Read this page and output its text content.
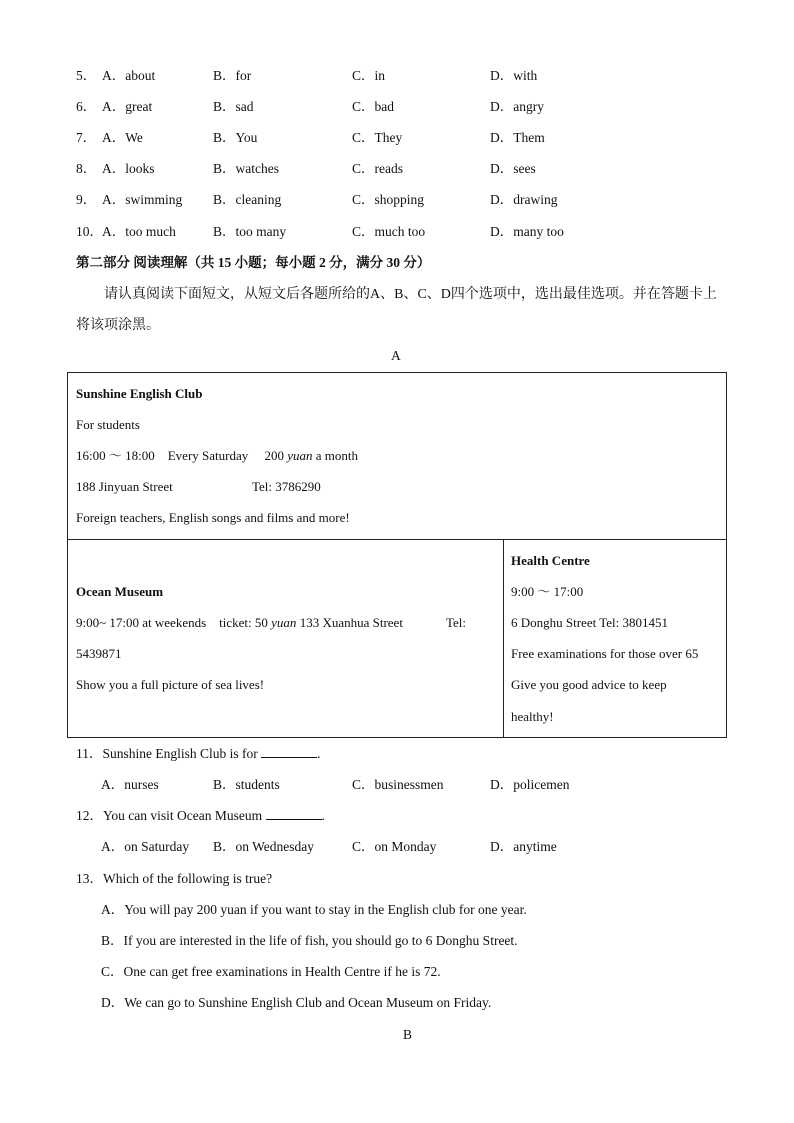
5． A．about	B．for	C．in	D．with
6． A．great	B．sad	C．bad	D．angry
7． A．We	B．You	C．They	D．Them
8． A．looks	B．watches	C．reads	D．sees
9． A．swimming B．cleaning	C．shopping	D．drawing
10． A．too much	B．too many	C．much too	D．many too
第二部分 阅读理解（共 15 小题；每小题 2 分，满分 30 分）
请认真阅读下面短文，从短文后各题所给的A、B、C、D四个选项中，选出最佳选项。并在答题卡上将该项涂黑。
A
Sunshine English Club
For students
16:00 ～ 18:00 Every Saturday 200 yuan a month
188 Jinyuan Street	Tel: 3786290
Foreign teachers, English songs and films and more!
Ocean Museum
9:00~ 17:00 at weekends ticket: 50 yuan 133 Xuanhua Street	Tel:
5439871
Show you a full picture of sea lives!
Health Centre
9:00 ～ 17:00
6 Donghu Street Tel: 3801451
Free examinations for those over 65
Give you good advice to keep
healthy!
11．Sunshine English Club is for	.
A．nurses	B．students	C．businessmen	D．policemen
12．You can visit Ocean Museum	.
A．on Saturday B．on Wednesday	C．on Monday	D．anytime
13．Which of the following is true?
A．You will pay 200 yuan if you want to stay in the English club for one year.
B．If you are interested in the life of fish, you should go to 6 Donghu Street.
C．One can get free examinations in Health Centre if he is 72.
D．We can go to Sunshine English Club and Ocean Museum on Friday.
B
